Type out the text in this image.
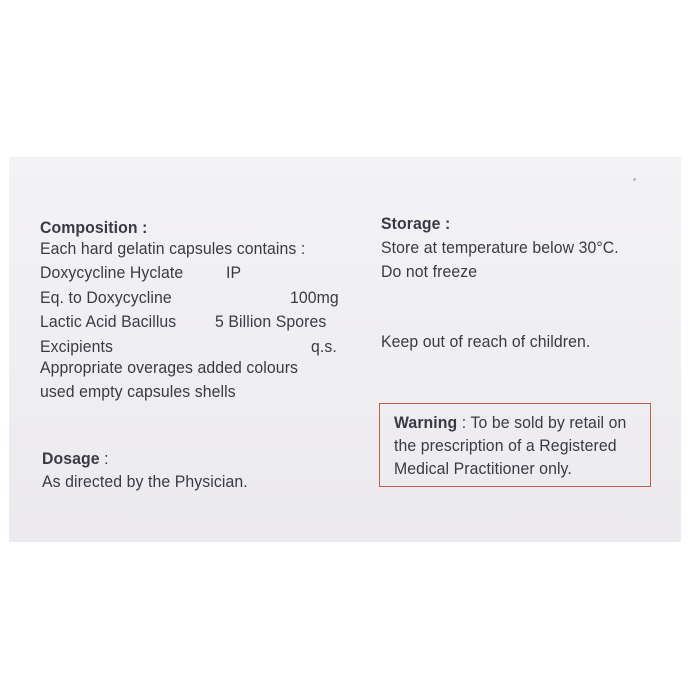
Composition :
Each hard gelatin capsules contains :
Doxycycline Hyclate	IP
Eq. to Doxycycline	100mg
Lactic Acid Bacillus 5 Billion Spores
Excipients	q.s.
Appropriate overages added colours
used empty capsules shells
Dosage :
As directed by the Physician.
Storage :
Store at temperature below 30°C.
Do not freeze
Keep out of reach of children.
Warning : To be sold by retail on
the prescription of a Registered
Medical Practitioner only.
